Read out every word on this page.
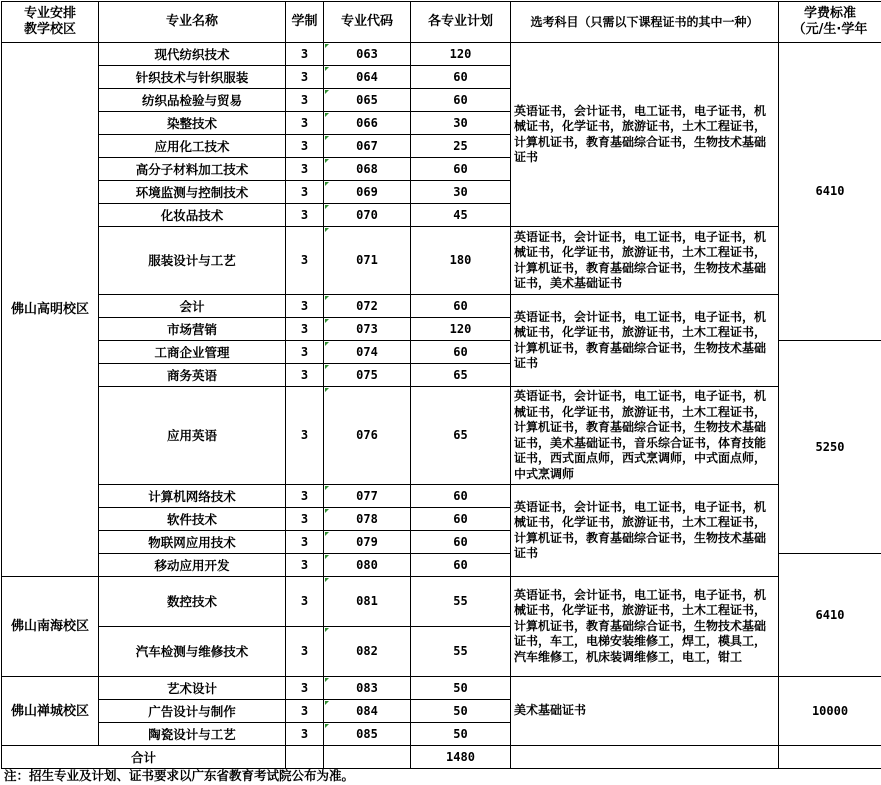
专业安排
教学校区	专业名称	学制	专业代码	各专业计划	选考科目（只需以下课程证书的其中一种）	学费标准
（元/生·学年
佛山高明校区	现代纺织技术	3	063	120	英语证书，会计证书，电工证书，电子证书，机械证书，化学证书，旅游证书，土木工程证书，计算机证书，教育基础综合证书，生物技术基础证书	6410
	针织技术与针织服装	3	064	60		
	纺织品检验与贸易	3	065	60		
	染整技术	3	066	30		
	应用化工技术	3	067	25		
	高分子材料加工技术	3	068	60		
	环境监测与控制技术	3	069	30		
	化妆品技术	3	070	45		
	服装设计与工艺	3	071	180	英语证书，会计证书，电工证书，电子证书，机械证书，化学证书，旅游证书，土木工程证书，计算机证书，教育基础综合证书，生物技术基础证书，美术基础证书	
	会计	3	072	60	英语证书，会计证书，电工证书，电子证书，机械证书，化学证书，旅游证书，土木工程证书，计算机证书，教育基础综合证书，生物技术基础证书	
	市场营销	3	073	120		
	工商企业管理	3	074	60		5250
	商务英语	3	075	65		
	应用英语	3	076	65	英语证书，会计证书，电工证书，电子证书，机械证书，化学证书，旅游证书，土木工程证书，计算机证书，教育基础综合证书，生物技术基础证书，美术基础证书，音乐综合证书，体育技能证书，西式面点师，西式烹调师，中式面点师，中式烹调师	
	计算机网络技术	3	077	60	英语证书，会计证书，电工证书，电子证书，机械证书，化学证书，旅游证书，土木工程证书，计算机证书，教育基础综合证书，生物技术基础证书	
	软件技术	3	078	60		
	物联网应用技术	3	079	60		
	移动应用开发	3	080	60		6410
佛山南海校区	数控技术	3	081	55	英语证书，会计证书，电工证书，电子证书，机械证书，化学证书，旅游证书，土木工程证书，计算机证书，教育基础综合证书，生物技术基础证书，车工，电梯安装维修工，焊工，模具工，汽车维修工，机床装调维修工，电工，钳工	
	汽车检测与维修技术	3	082	55		
佛山禅城校区	艺术设计	3	083	50	美术基础证书	10000
	广告设计与制作	3	084	50		
	陶瓷设计与工艺	3	085	50		
合计				1480		
注：招生专业及计划、证书要求以广东省教育考试院公布为准。
